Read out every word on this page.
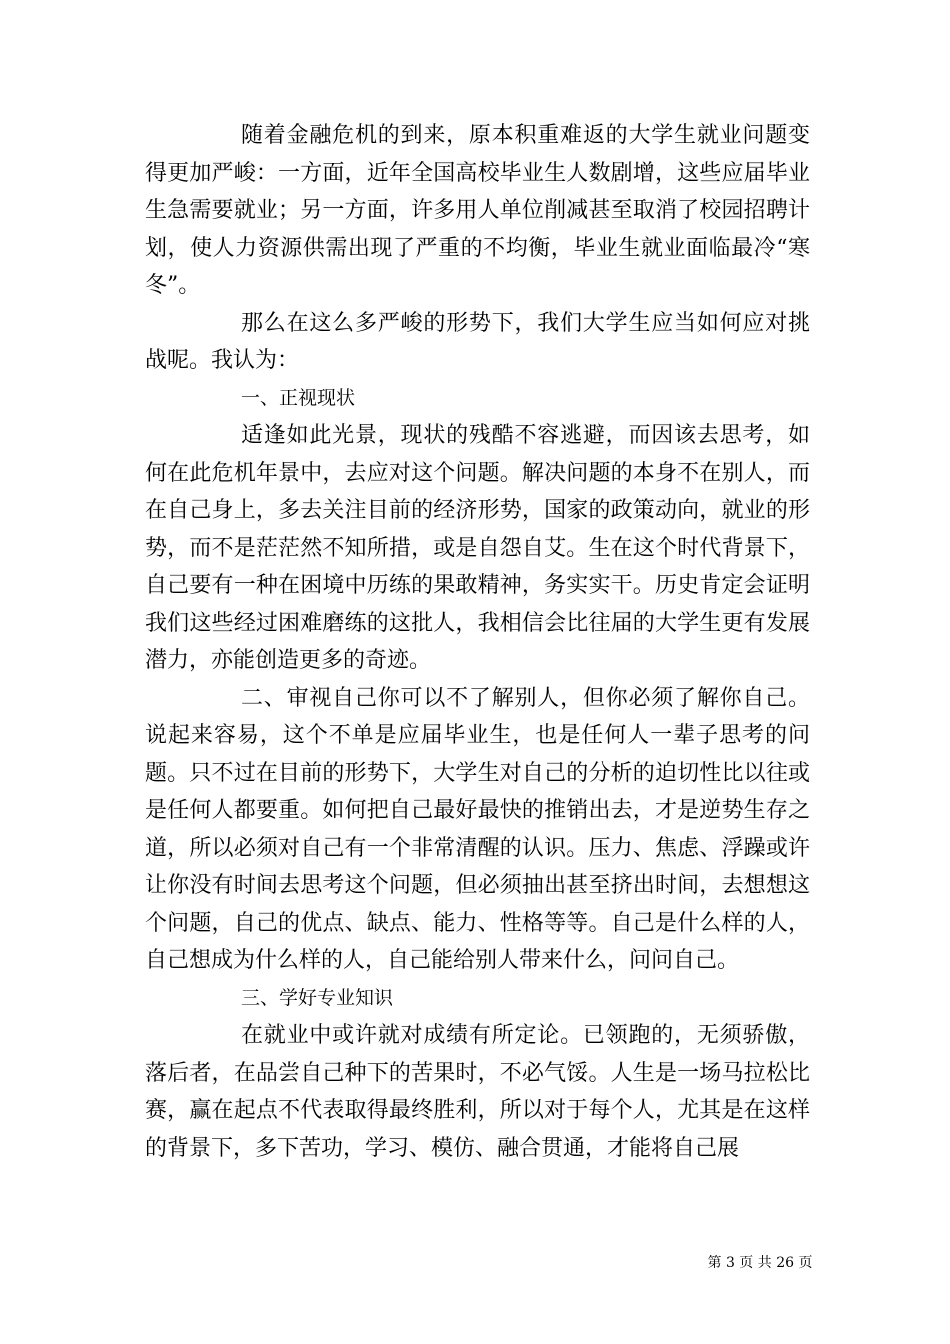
随着金融危机的到来，原本积重难返的大学生就业问题变得更加严峻：一方面，近年全国高校毕业生人数剧增，这些应届毕业生急需要就业；另一方面，许多用人单位削减甚至取消了校园招聘计划，使人力资源供需出现了严重的不均衡，毕业生就业面临最冷“寒冬”。

那么在这么多严峻的形势下，我们大学生应当如何应对挑战呢。我认为：

一、正视现状

适逢如此光景，现状的残酷不容逃避，而因该去思考，如何在此危机年景中，去应对这个问题。解决问题的本身不在别人，而在自己身上，多去关注目前的经济形势，国家的政策动向，就业的形势，而不是茫茫然不知所措，或是自怨自艾。生在这个时代背景下，自己要有一种在困境中历练的果敢精神，务实实干。历史肯定会证明我们这些经过困难磨练的这批人，我相信会比往届的大学生更有发展潜力，亦能创造更多的奇迹。

二、审视自己你可以不了解别人，但你必须了解你自己。说起来容易，这个不单是应届毕业生，也是任何人一辈子思考的问题。只不过在目前的形势下，大学生对自己的分析的迫切性比以往或是任何人都要重。如何把自己最好最快的推销出去，才是逆势生存之道，所以必须对自己有一个非常清醒的认识。压力、焦虑、浮躁或许让你没有时间去思考这个问题，但必须抽出甚至挤出时间，去想想这个问题，自己的优点、缺点、能力、性格等等。自己是什么样的人，自己想成为什么样的人，自己能给别人带来什么，问问自己。

三、学好专业知识

在就业中或许就对成绩有所定论。已领跑的，无须骄傲，落后者，在品尝自己种下的苦果时，不必气馁。人生是一场马拉松比赛，赢在起点不代表取得最终胜利，所以对于每个人，尤其是在这样的背景下，多下苦功，学习、模仿、融合贯通，才能将自己展

第 3 页 共 26 页
